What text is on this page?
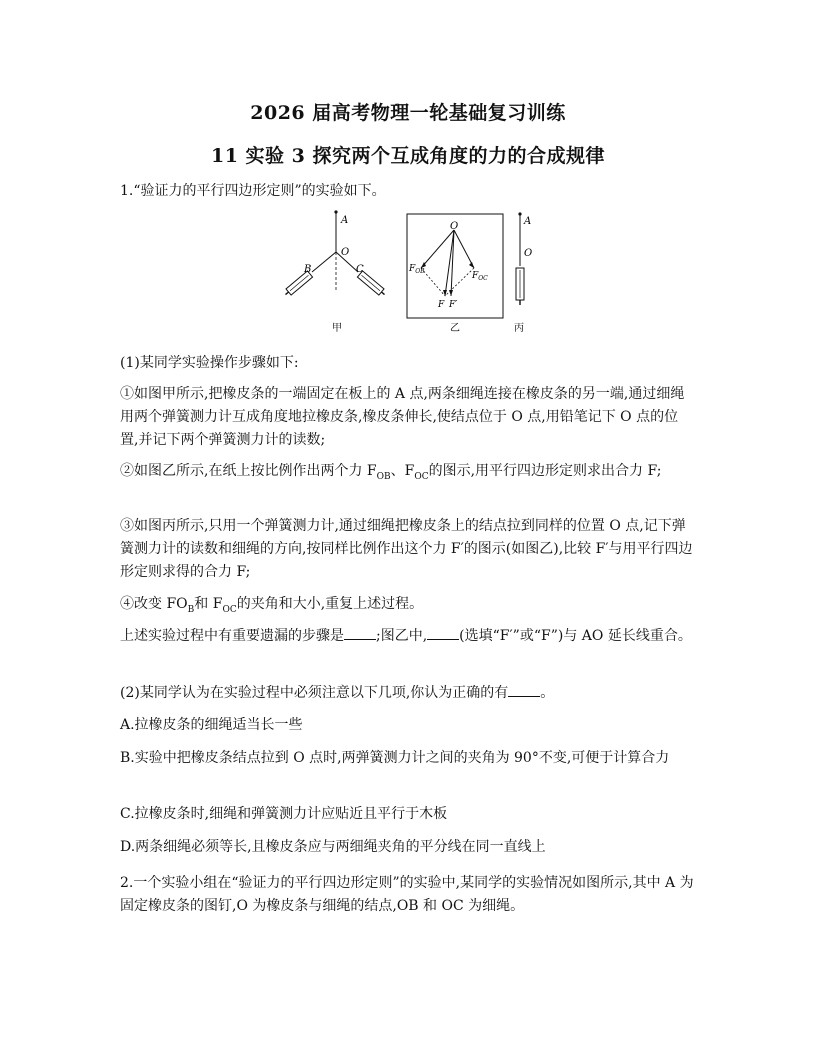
2026 届高考物理一轮基础复习训练
11 实验 3 探究两个互成角度的力的合成规律

1.“验证力的平行四边形定则”的实验如下。

A
O
B	C
甲
O
$F_{OB}$	$F_{OC}$
F F′
乙
A
O
丙

(1)某同学实验操作步骤如下:

①如图甲所示,把橡皮条的一端固定在板上的 A 点,两条细绳连接在橡皮条的另一端,通过细绳用两个弹簧测力计互成角度地拉橡皮条,橡皮条伸长,使结点位于 O 点,用铅笔记下 O 点的位置,并记下两个弹簧测力计的读数;

②如图乙所示,在纸上按比例作出两个力 $F_{OB}$、$F_{OC}$的图示,用平行四边形定则求出合力 F;

③如图丙所示,只用一个弹簧测力计,通过细绳把橡皮条上的结点拉到同样的位置 O 点,记下弹簧测力计的读数和细绳的方向,按同样比例作出这个力 F′的图示(如图乙),比较 F′与用平行四边形定则求得的合力 F;

④改变 $FO_B$和 $F_{OC}$的夹角和大小,重复上述过程。

上述实验过程中有重要遗漏的步骤是 ;图乙中, (选填“F′”或“F”)与 AO 延长线重合。

(2)某同学认为在实验过程中必须注意以下几项,你认为正确的有 。

A.拉橡皮条的细绳适当长一些

B.实验中把橡皮条结点拉到 O 点时,两弹簧测力计之间的夹角为 90°不变,可便于计算合力

C.拉橡皮条时,细绳和弹簧测力计应贴近且平行于木板

D.两条细绳必须等长,且橡皮条应与两细绳夹角的平分线在同一直线上

2.一个实验小组在“验证力的平行四边形定则”的实验中,某同学的实验情况如图所示,其中 A 为固定橡皮条的图钉,O 为橡皮条与细绳的结点,OB 和 OC 为细绳。
